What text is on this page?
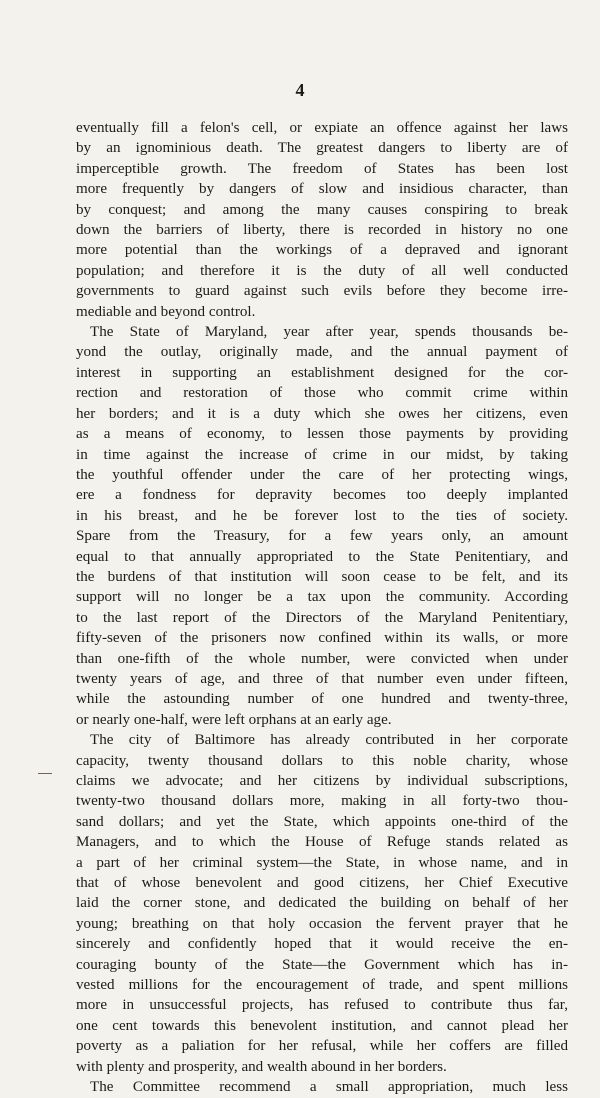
4
eventually fill a felon's cell, or expiate an offence against her laws
by an ignominious death. The greatest dangers to liberty are of
imperceptible growth. The freedom of States has been lost
more frequently by dangers of slow and insidious character, than
by conquest; and among the many causes conspiring to break
down the barriers of liberty, there is recorded in history no one
more potential than the workings of a depraved and ignorant
population; and therefore it is the duty of all well conducted
governments to guard against such evils before they become irre-
mediable and beyond control.
The State of Maryland, year after year, spends thousands be-
yond the outlay, originally made, and the annual payment of
interest in supporting an establishment designed for the cor-
rection and restoration of those who commit crime within
her borders; and it is a duty which she owes her citizens, even
as a means of economy, to lessen those payments by providing
in time against the increase of crime in our midst, by taking
the youthful offender under the care of her protecting wings,
ere a fondness for depravity becomes too deeply implanted
in his breast, and he be forever lost to the ties of society.
Spare from the Treasury, for a few years only, an amount
equal to that annually appropriated to the State Penitentiary, and
the burdens of that institution will soon cease to be felt, and its
support will no longer be a tax upon the community. According
to the last report of the Directors of the Maryland Penitentiary,
fifty-seven of the prisoners now confined within its walls, or more
than one-fifth of the whole number, were convicted when under
twenty years of age, and three of that number even under fifteen,
while the astounding number of one hundred and twenty-three,
or nearly one-half, were left orphans at an early age.
The city of Baltimore has already contributed in her corporate
capacity, twenty thousand dollars to this noble charity, whose
claims we advocate; and her citizens by individual subscriptions,
twenty-two thousand dollars more, making in all forty-two thou-
sand dollars; and yet the State, which appoints one-third of the
Managers, and to which the House of Refuge stands related as
a part of her criminal system—the State, in whose name, and in
that of whose benevolent and good citizens, her Chief Executive
laid the corner stone, and dedicated the building on behalf of her
young; breathing on that holy occasion the fervent prayer that he
sincerely and confidently hoped that it would receive the en-
couraging bounty of the State—the Government which has in-
vested millions for the encouragement of trade, and spent millions
more in unsuccessful projects, has refused to contribute thus far,
one cent towards this benevolent institution, and cannot plead her
poverty as a paliation for her refusal, while her coffers are filled
with plenty and prosperity, and wealth abound in her borders.
The Committee recommend a small appropriation, much less
